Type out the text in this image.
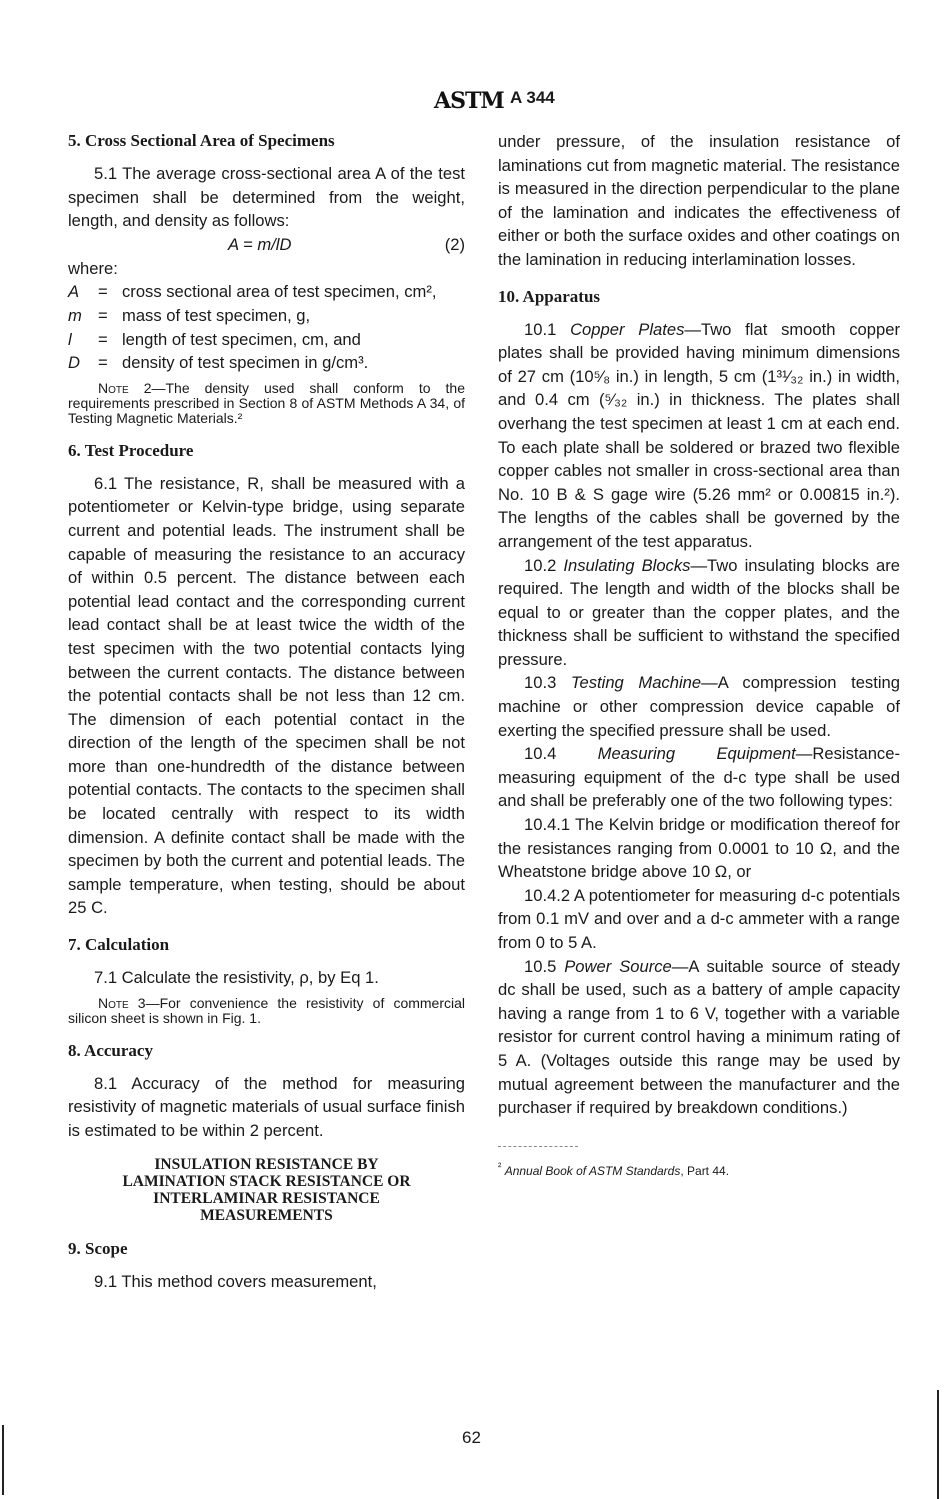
ASTM A 344
5. Cross Sectional Area of Specimens

5.1 The average cross-sectional area A of the test specimen shall be determined from the weight, length, and density as follows:

A = m/lD	(2)

where:

A	= cross sectional area of test specimen, cm²,
m = mass of test specimen, g,
l	= length of test specimen, cm, and
D	= density of test specimen in g/cm³.

Note 2—The density used shall conform to the requirements prescribed in Section 8 of ASTM Methods A 34, of Testing Magnetic Materials.²

6. Test Procedure

6.1 The resistance, R, shall be measured with a potentiometer or Kelvin-type bridge, using separate current and potential leads. The instrument shall be capable of measuring the resistance to an accuracy of within 0.5 percent. The distance between each potential lead contact and the corresponding current lead contact shall be at least twice the width of the test specimen with the two potential contacts lying between the current contacts. The distance between the potential contacts shall be not less than 12 cm. The dimension of each potential contact in the direction of the length of the specimen shall be not more than one-hundredth of the distance between potential contacts. The contacts to the specimen shall be located centrally with respect to its width dimension. A definite contact shall be made with the specimen by both the current and potential leads. The sample temperature, when testing, should be about 25 C.

7. Calculation

7.1 Calculate the resistivity, ρ, by Eq 1.

Note 3—For convenience the resistivity of commercial silicon sheet is shown in Fig. 1.

8. Accuracy

8.1 Accuracy of the method for measuring resistivity of magnetic materials of usual surface finish is estimated to be within 2 percent.

INSULATION RESISTANCE BY
LAMINATION STACK RESISTANCE OR
INTERLAMINAR RESISTANCE
MEASUREMENTS
9. Scope

9.1 This method covers measurement,

under pressure, of the insulation resistance of laminations cut from magnetic material. The resistance is measured in the direction perpendicular to the plane of the lamination and indicates the effectiveness of either or both the surface oxides and other coatings on the lamination in reducing interlamination losses.

10. Apparatus

10.1 Copper Plates—Two flat smooth copper plates shall be provided having minimum dimensions of 27 cm (10⁵⁄₈ in.) in length, 5 cm (1³¹⁄₃₂ in.) in width, and 0.4 cm (⁵⁄₃₂ in.) in thickness. The plates shall overhang the test specimen at least 1 cm at each end. To each plate shall be soldered or brazed two flexible copper cables not smaller in cross-sectional area than No. 10 B & S gage wire (5.26 mm² or 0.00815 in.²). The lengths of the cables shall be governed by the arrangement of the test apparatus.

10.2 Insulating Blocks—Two insulating blocks are required. The length and width of the blocks shall be equal to or greater than the copper plates, and the thickness shall be sufficient to withstand the specified pressure.

10.3 Testing Machine—A compression testing machine or other compression device capable of exerting the specified pressure shall be used.

10.4 Measuring Equipment—Resistance-measuring equipment of the d-c type shall be used and shall be preferably one of the two following types:

10.4.1 The Kelvin bridge or modification thereof for the resistances ranging from 0.0001 to 10 Ω, and the Wheatstone bridge above 10 Ω, or

10.4.2 A potentiometer for measuring d-c potentials from 0.1 mV and over and a d-c ammeter with a range from 0 to 5 A.

10.5 Power Source—A suitable source of steady dc shall be used, such as a battery of ample capacity having a range from 1 to 6 V, together with a variable resistor for current control having a minimum rating of 5 A. (Voltages outside this range may be used by mutual agreement between the manufacturer and the purchaser if required by breakdown conditions.)

$^{^2}$ Annual Book of ASTM Standards, Part 44.
62
